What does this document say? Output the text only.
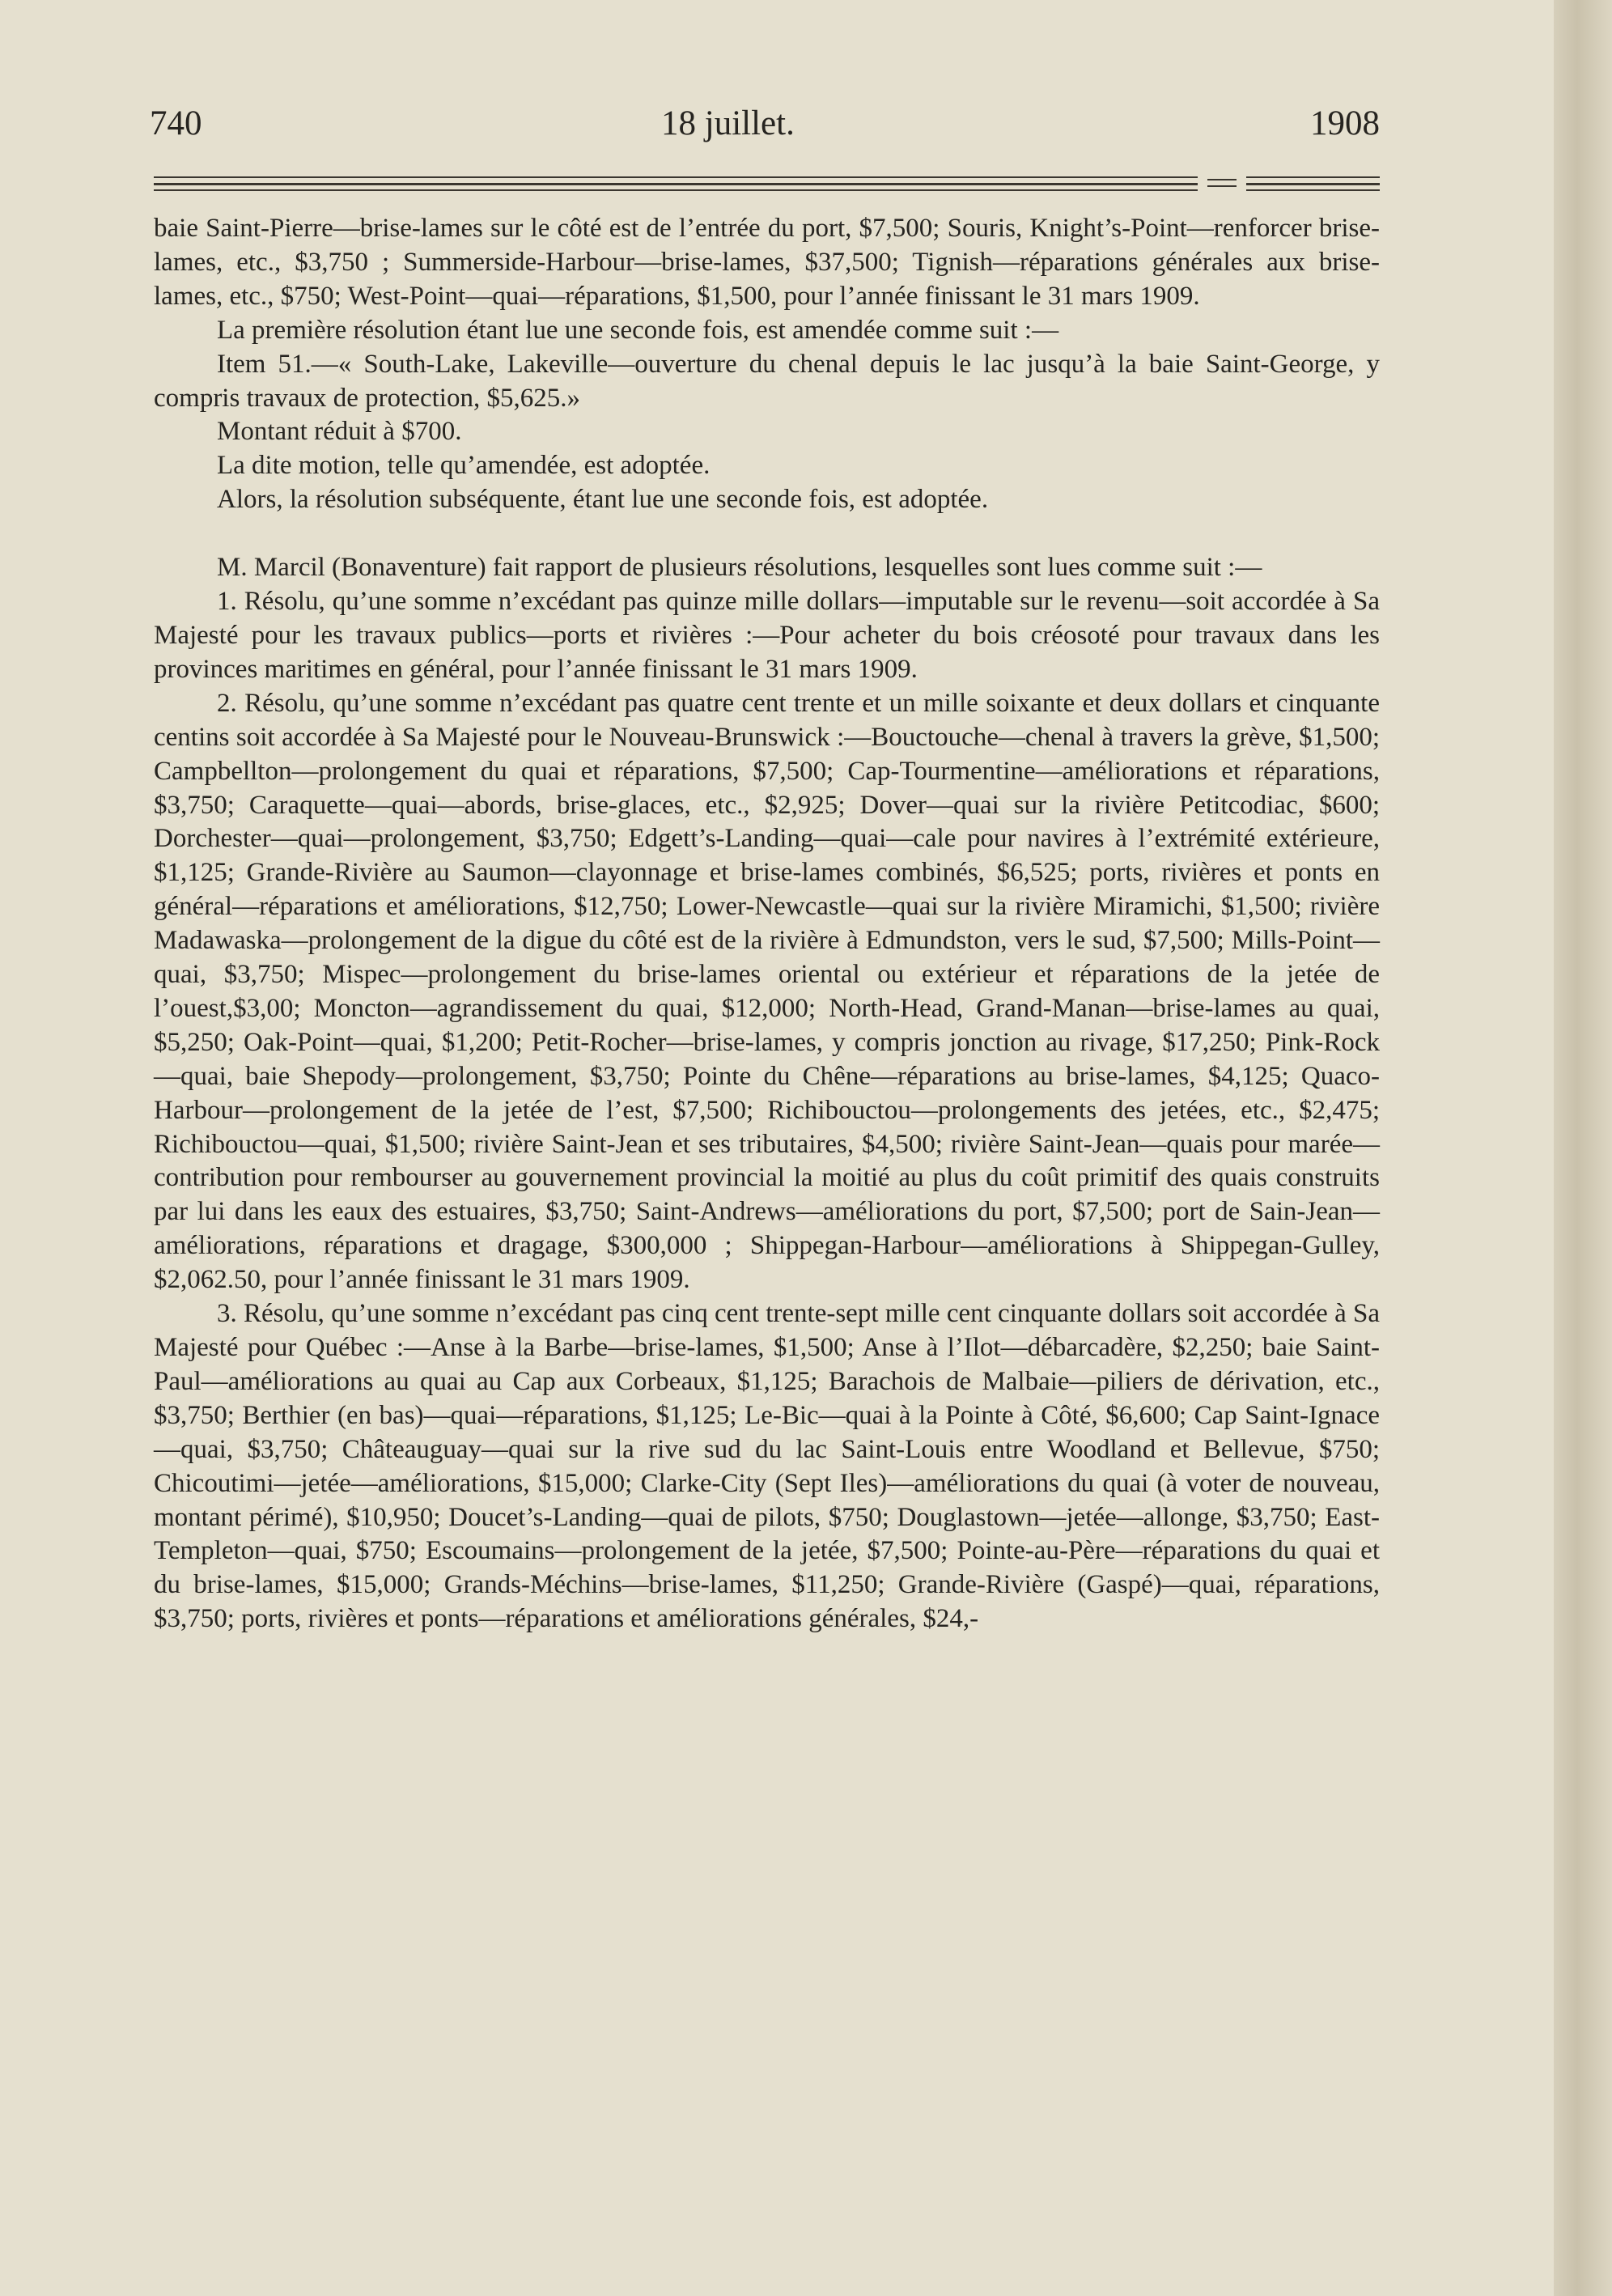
740	18 juillet.	1908

baie Saint-Pierre—brise-lames sur le côté est de l’entrée du port, $7,500; Souris, Knight’s-Point—renforcer brise-lames, etc., $3,750 ; Summerside-Harbour—brise-lames, $37,500; Tignish—réparations générales aux brise-lames, etc., $750; West-Point—quai—réparations, $1,500, pour l’année finissant le 31 mars 1909.

La première résolution étant lue une seconde fois, est amendée comme suit :—

Item 51.—« South-Lake, Lakeville—ouverture du chenal depuis le lac jusqu’à la baie Saint-George, y compris travaux de protection, $5,625.»

Montant réduit à $700.

La dite motion, telle qu’amendée, est adoptée.

Alors, la résolution subséquente, étant lue une seconde fois, est adoptée.

M. Marcil (Bonaventure) fait rapport de plusieurs résolutions, lesquelles sont lues comme suit :—

1. Résolu, qu’une somme n’excédant pas quinze mille dollars—imputable sur le revenu—soit accordée à Sa Majesté pour les travaux publics—ports et rivières :—Pour acheter du bois créosoté pour travaux dans les provinces maritimes en général, pour l’année finissant le 31 mars 1909.

2. Résolu, qu’une somme n’excédant pas quatre cent trente et un mille soixante et deux dollars et cinquante centins soit accordée à Sa Majesté pour le Nouveau-Brunswick :—Bouctouche—chenal à travers la grève, $1,500; Campbellton—prolongement du quai et réparations, $7,500; Cap-Tourmentine—améliorations et réparations, $3,750; Caraquette—quai—abords, brise-glaces, etc., $2,925; Dover—quai sur la rivière Petitcodiac, $600; Dorchester—quai—prolongement, $3,750; Edgett’s-Landing—quai—cale pour navires à l’extrémité extérieure, $1,125; Grande-Rivière au Saumon—clayonnage et brise-lames combinés, $6,525; ports, rivières et ponts en général—réparations et améliorations, $12,750; Lower-Newcastle—quai sur la rivière Miramichi, $1,500; rivière Madawaska—prolongement de la digue du côté est de la rivière à Edmundston, vers le sud, $7,500; Mills-Point—quai, $3,750; Mispec—prolongement du brise-lames oriental ou extérieur et réparations de la jetée de l’ouest,$3,00; Moncton—agrandissement du quai, $12,000; North-Head, Grand-Manan—brise-lames au quai, $5,250; Oak-Point—quai, $1,200; Petit-Rocher—brise-lames, y compris jonction au rivage, $17,250; Pink-Rock—quai, baie Shepody—prolongement, $3,750; Pointe du Chêne—réparations au brise-lames, $4,125; Quaco-Harbour—prolongement de la jetée de l’est, $7,500; Richibouctou—prolongements des jetées, etc., $2,475; Richibouctou—quai, $1,500; rivière Saint-Jean et ses tributaires, $4,500; rivière Saint-Jean—quais pour marée—contribution pour rembourser au gouvernement provincial la moitié au plus du coût primitif des quais construits par lui dans les eaux des estuaires, $3,750; Saint-Andrews—améliorations du port, $7,500; port de Sain-Jean—améliorations, réparations et dragage, $300,000 ; Shippegan-Harbour—améliorations à Shippegan-Gulley, $2,062.50, pour l’année finissant le 31 mars 1909.

3. Résolu, qu’une somme n’excédant pas cinq cent trente-sept mille cent cinquante dollars soit accordée à Sa Majesté pour Québec :—Anse à la Barbe—brise-lames, $1,500; Anse à l’Ilot—débarcadère, $2,250; baie Saint-Paul—améliorations au quai au Cap aux Corbeaux, $1,125; Barachois de Malbaie—piliers de dérivation, etc., $3,750; Berthier (en bas)—quai—réparations, $1,125; Le-Bic—quai à la Pointe à Côté, $6,600; Cap Saint-Ignace—quai, $3,750; Châteauguay—quai sur la rive sud du lac Saint-Louis entre Woodland et Bellevue, $750; Chicoutimi—jetée—améliorations, $15,000; Clarke-City (Sept Iles)—améliorations du quai (à voter de nouveau, montant périmé), $10,950; Doucet’s-Landing—quai de pilots, $750; Douglastown—jetée—allonge, $3,750; East-Templeton—quai, $750; Escoumains—prolongement de la jetée, $7,500; Pointe-au-Père—réparations du quai et du brise-lames, $15,000; Grands-Méchins—brise-lames, $11,250; Grande-Rivière (Gaspé)—quai, réparations, $3,750; ports, rivières et ponts—réparations et améliorations générales, $24,-
